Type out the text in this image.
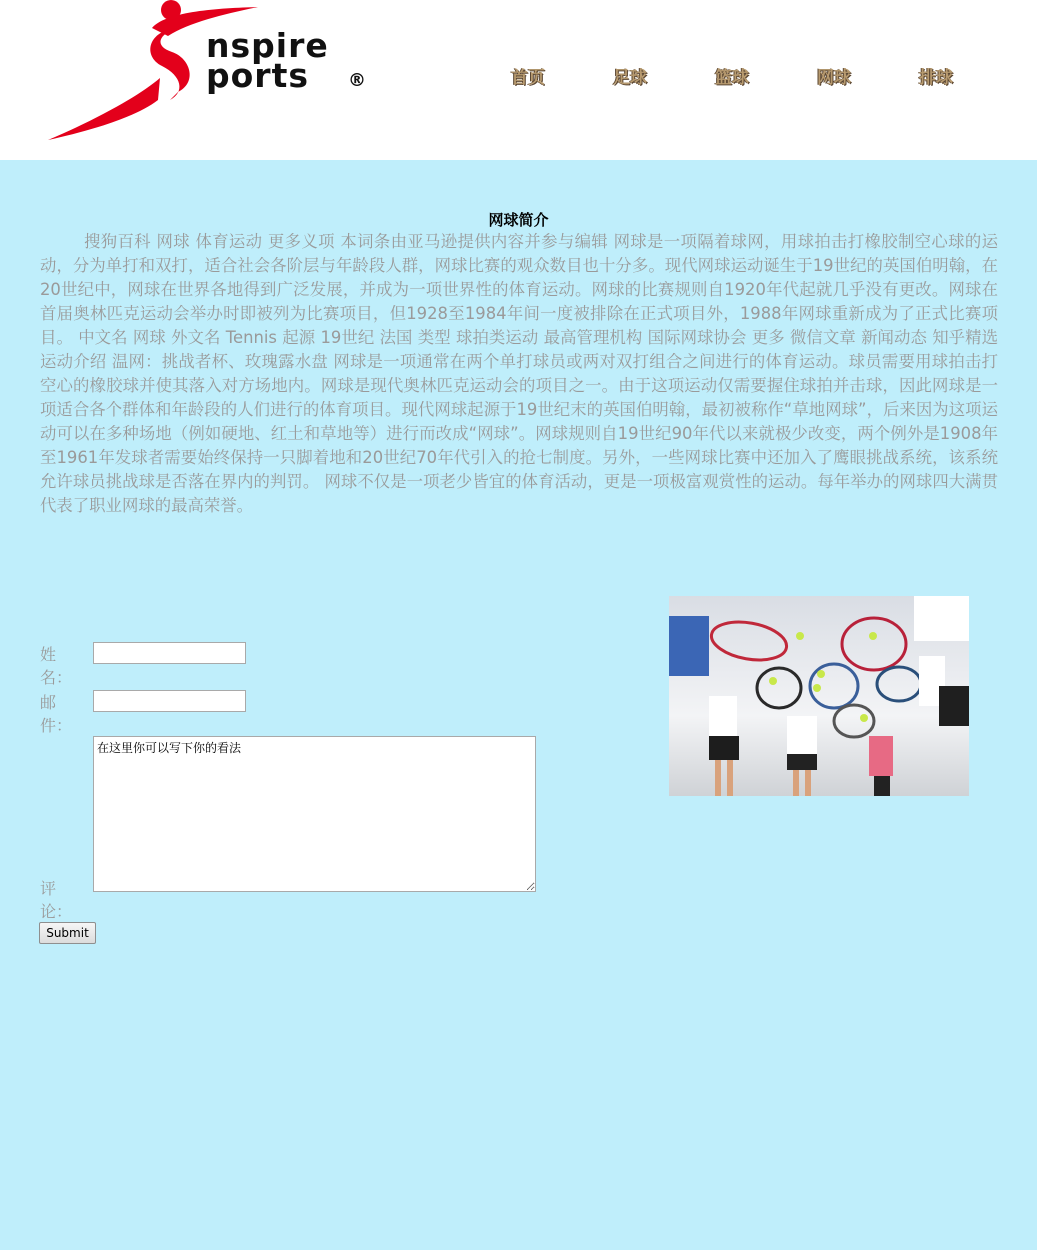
nspire
ports ®	首页	足球	篮球	网球	排球
网球简介

搜狗百科 网球 体育运动 更多义项 本词条由亚马逊提供内容并参与编辑 网球是一项隔着球网，用球拍击打橡胶制空心球的运动，分为单打和双打，适合社会各阶层与年龄段人群，网球比赛的观众数目也十分多。现代网球运动诞生于19世纪的英国伯明翰，在20世纪中，网球在世界各地得到广泛发展，并成为一项世界性的体育运动。网球的比赛规则自1920年代起就几乎没有更改。网球在首届奥林匹克运动会举办时即被列为比赛项目，但1928至1984年间一度被排除在正式项目外，1988年网球重新成为了正式比赛项目。 中文名 网球 外文名 Tennis 起源 19世纪 法国 类型 球拍类运动 最高管理机构 国际网球协会 更多 微信文章 新闻动态 知乎精选 运动介绍 温网：挑战者杯、玫瑰露水盘 网球是一项通常在两个单打球员或两对双打组合之间进行的体育运动。球员需要用球拍击打空心的橡胶球并使其落入对方场地内。网球是现代奥林匹克运动会的项目之一。由于这项运动仅需要握住球拍并击球，因此网球是一项适合各个群体和年龄段的人们进行的体育项目。现代网球起源于19世纪末的英国伯明翰，最初被称作“草地网球”，后来因为这项运动可以在多种场地（例如硬地、红土和草地等）进行而改成“网球”。网球规则自19世纪90年代以来就极少改变，两个例外是1908年至1961年发球者需要始终保持一只脚着地和20世纪70年代引入的抢七制度。另外，一些网球比赛中还加入了鹰眼挑战系统，该系统允许球员挑战球是否落在界内的判罚。 网球不仅是一项老少皆宜的体育活动，更是一项极富观赏性的运动。每年举办的网球四大满贯代表了职业网球的最高荣誉。

姓名：
邮件：
评论：
在这里你可以写下你的看法
Submit
